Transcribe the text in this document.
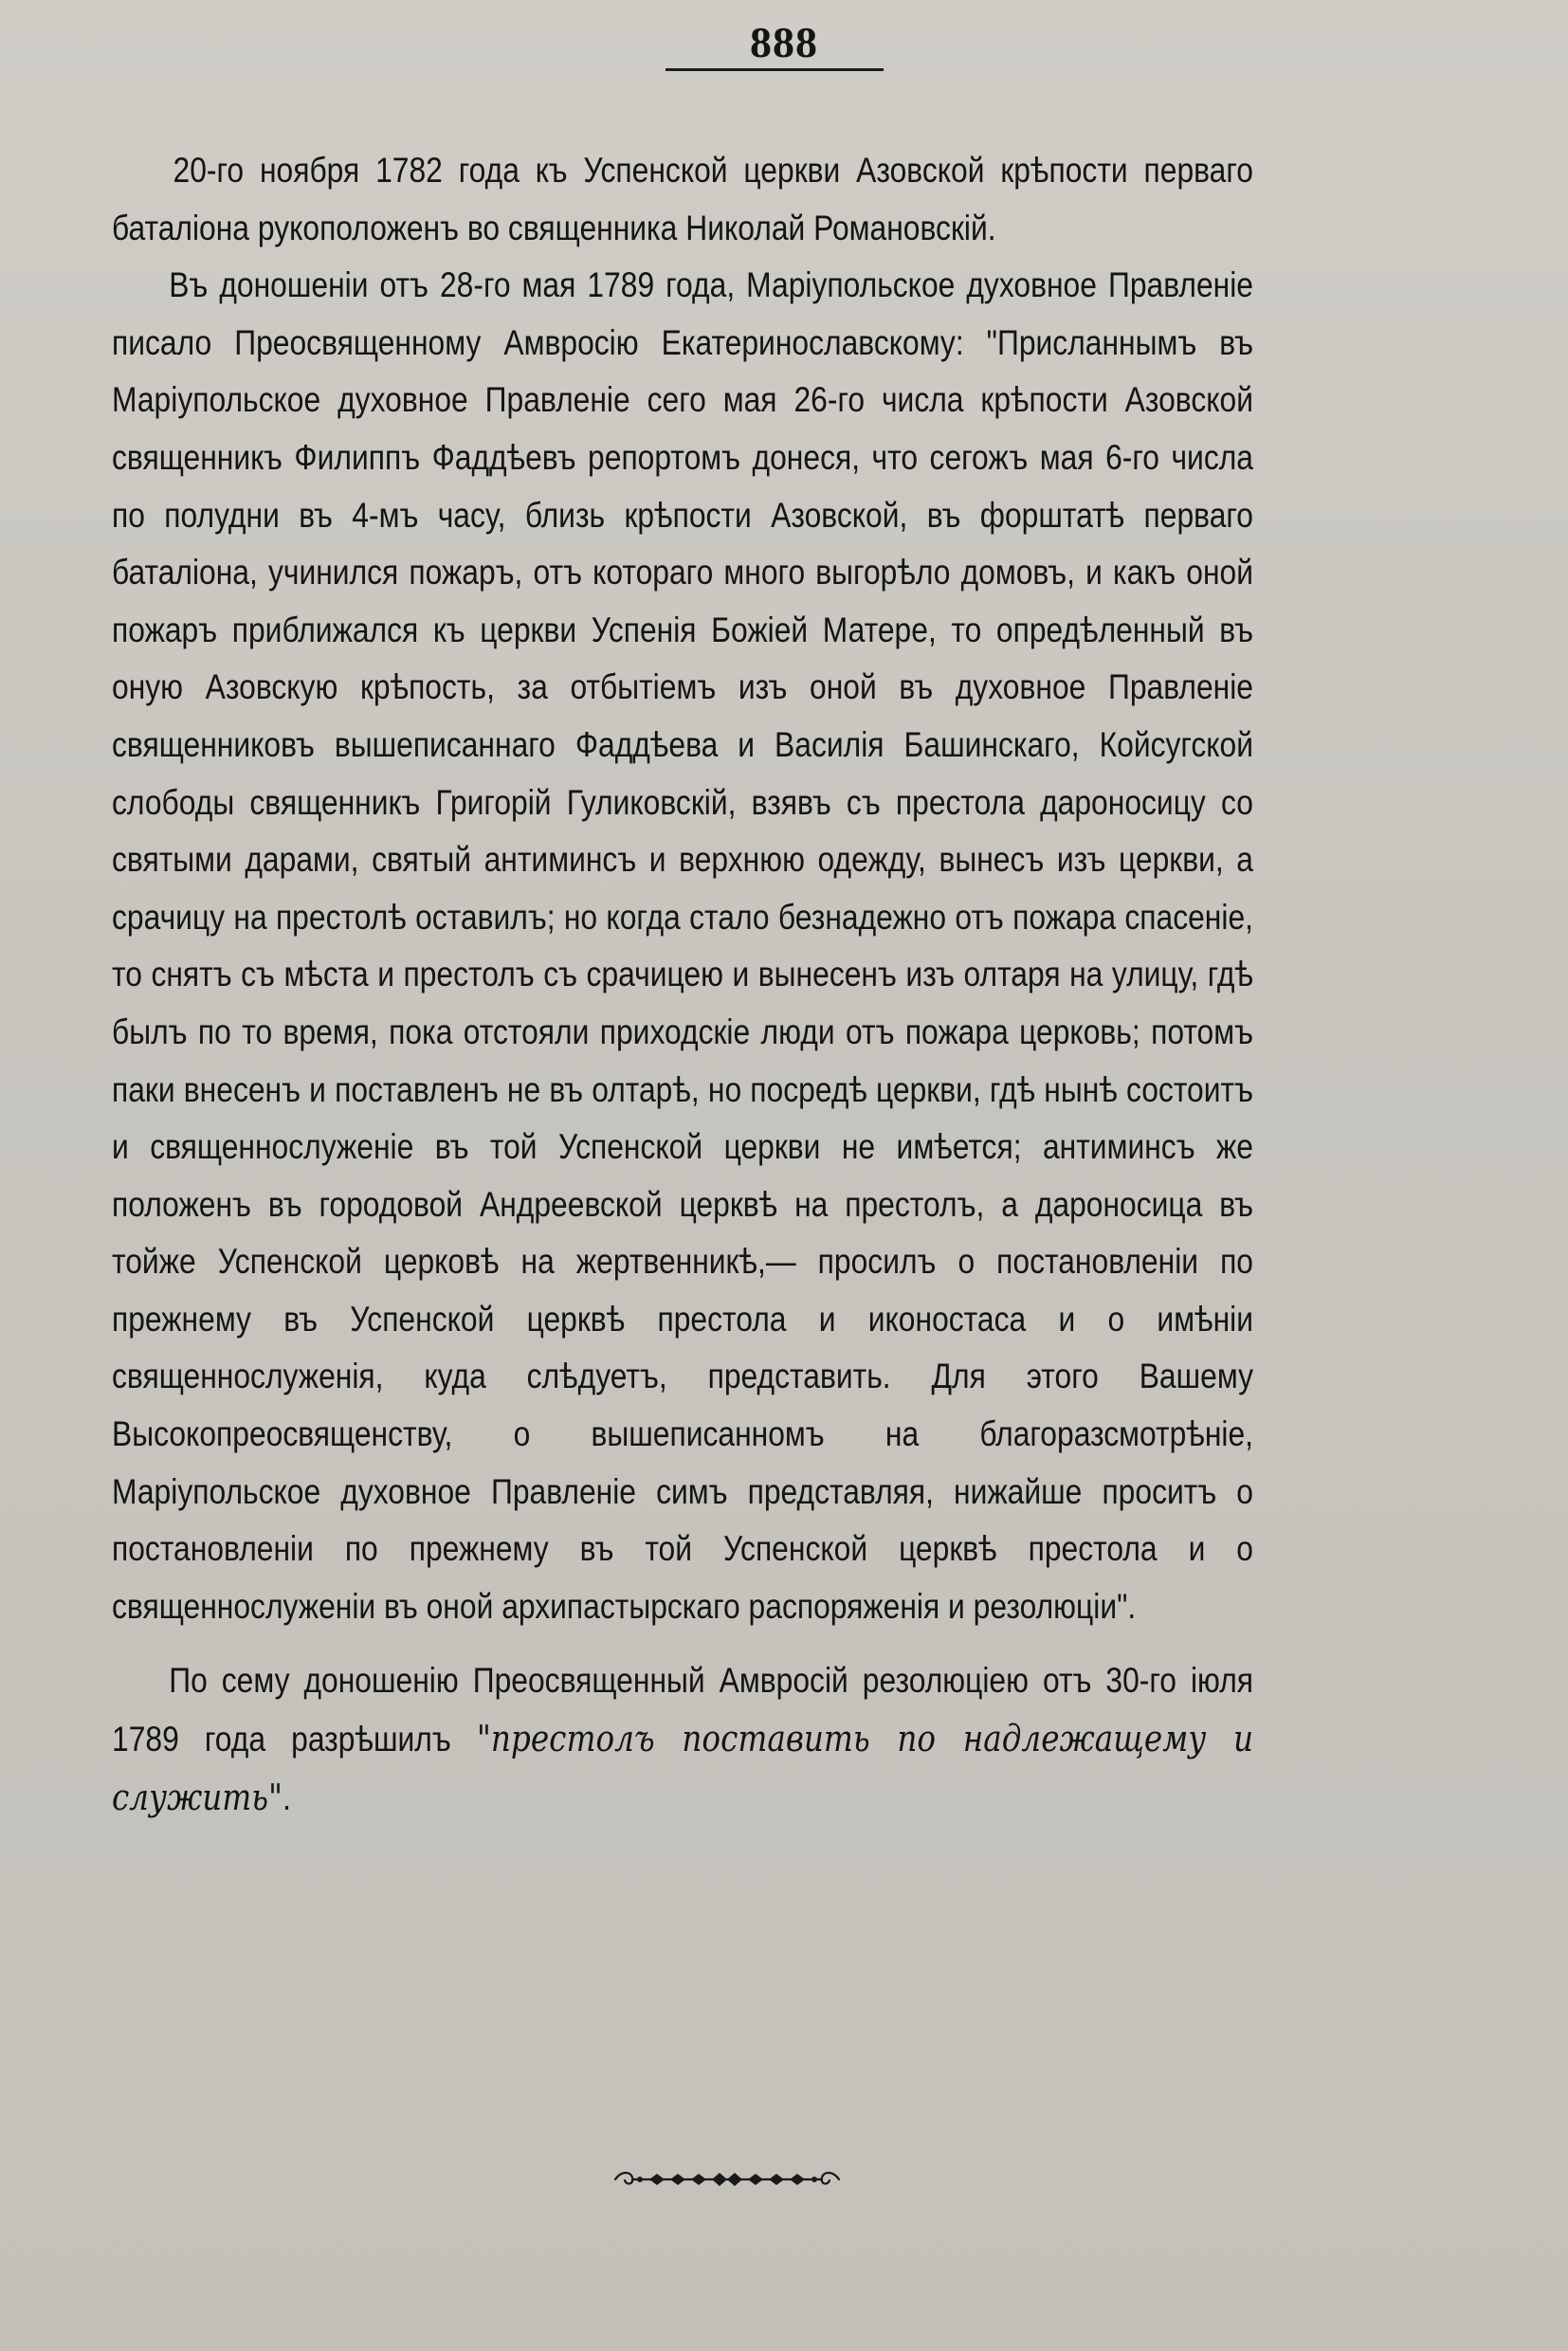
888

20-го ноября 1782 года къ Успенской церкви Азовской крѣпости перваго баталіона рукоположенъ во священника Николай Романовскій.

Въ доношеніи отъ 28-го мая 1789 года, Маріупольское духовное Правленіе писало Преосвященному Амвросію Екатеринославскому: "Присланнымъ въ Маріупольское духовное Правленіе сего мая 26-го числа крѣпости Азовской священникъ Филиппъ Фаддѣевъ репортомъ донеся, что сегожъ мая 6-го числа по полудни въ 4-мъ часу, близь крѣпости Азовской, въ форштатѣ перваго баталіона, учинился пожаръ, отъ котораго много выгорѣло домовъ, и какъ оной пожаръ приближался къ церкви Успенія Божіей Матере, то опредѣленный въ оную Азовскую крѣпость, за отбытіемъ изъ оной въ духовное Правленіе священниковъ вышеписаннаго Фаддѣева и Василія Башинскаго, Койсугской слободы священникъ Григорій Гуликовскій, взявъ съ престола дароносицу со святыми дарами, святый антиминсъ и верхнюю одежду, вынесъ изъ церкви, а срачицу на престолѣ оставилъ; но когда стало безнадежно отъ пожара спасеніе, то снятъ съ мѣста и престолъ съ срачицею и вынесенъ изъ олтаря на улицу, гдѣ былъ по то время, пока отстояли приходскіе люди отъ пожара церковь; потомъ паки внесенъ и поставленъ не въ олтарѣ, но посредѣ церкви, гдѣ нынѣ состоитъ и священнослуженіе въ той Успенской церкви не имѣется; антиминсъ же положенъ въ городовой Андреевской церквѣ на престолъ, а дароносица въ тойже Успенской церковѣ на жертвенникѣ,— просилъ о постановленіи по прежнему въ Успенской церквѣ престола и иконостаса и о имѣніи священнослуженія, куда слѣдуетъ, представить. Для этого Вашему Высокопреосвященству, о вышеписанномъ на благоразсмотрѣніе, Маріупольское духовное Правленіе симъ представляя, нижайше проситъ о постановленіи по прежнему въ той Успенской церквѣ престола и о священнослуженіи въ оной архипастырскаго распоряженія и резолюціи".

По сему доношенію Преосвященный Амвросій резолюціею отъ 30-го іюля 1789 года разрѣшилъ "престолъ поставить по надлежащему и служить".
